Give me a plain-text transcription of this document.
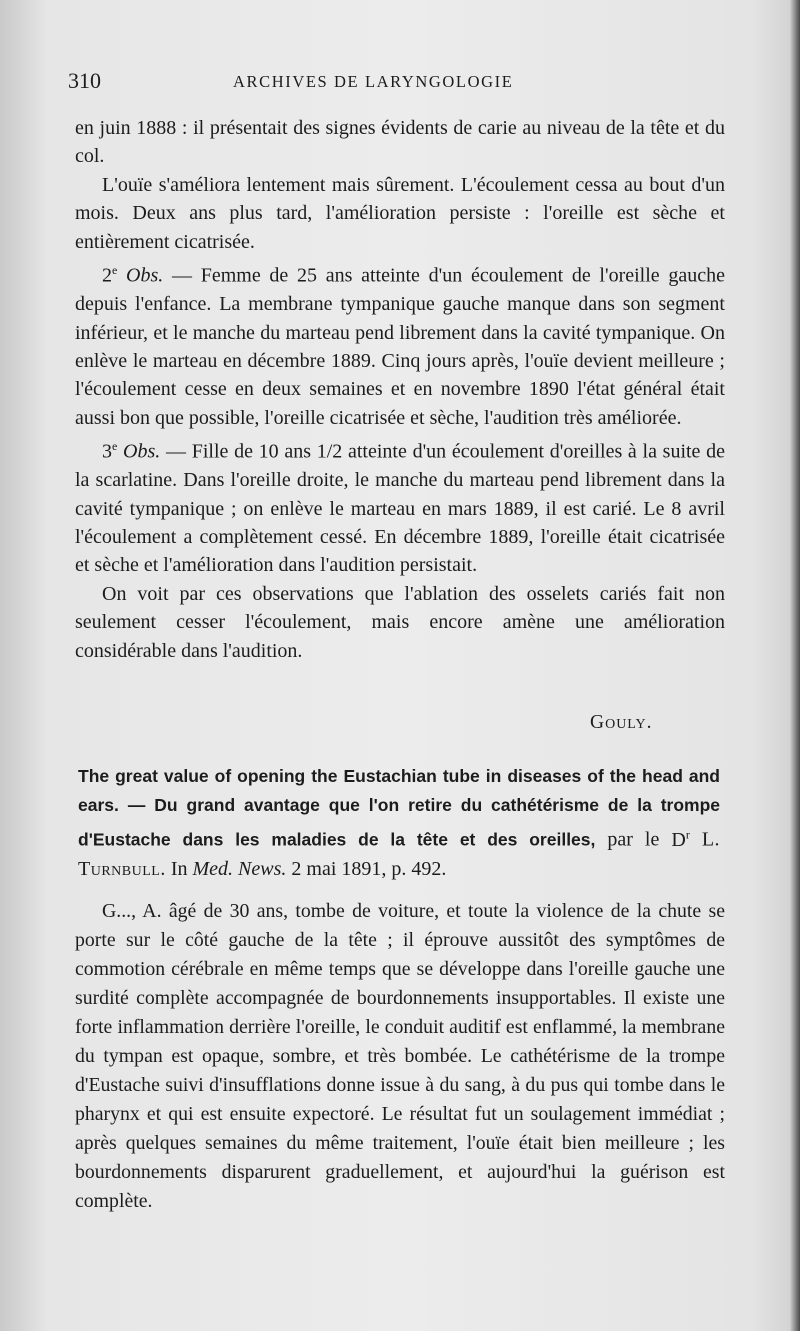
310	ARCHIVES DE LARYNGOLOGIE

en juin 1888 : il présentait des signes évidents de carie au niveau de la tête et du col.

L'ouïe s'améliora lentement mais sûrement. L'écoulement cessa au bout d'un mois. Deux ans plus tard, l'amélioration persiste : l'oreille est sèche et entièrement cicatrisée.

2e Obs. — Femme de 25 ans atteinte d'un écoulement de l'oreille gauche depuis l'enfance. La membrane tympanique gauche manque dans son segment inférieur, et le manche du marteau pend librement dans la cavité tympanique. On enlève le marteau en décembre 1889. Cinq jours après, l'ouïe devient meilleure ; l'écoulement cesse en deux semaines et en novembre 1890 l'état général était aussi bon que possible, l'oreille cicatrisée et sèche, l'audition très améliorée.

3e Obs. — Fille de 10 ans 1/2 atteinte d'un écoulement d'oreilles à la suite de la scarlatine. Dans l'oreille droite, le manche du marteau pend librement dans la cavité tympanique ; on enlève le marteau en mars 1889, il est carié. Le 8 avril l'écoulement a complètement cessé. En décembre 1889, l'oreille était cicatrisée et sèche et l'amélioration dans l'audition persistait.

On voit par ces observations que l'ablation des osselets cariés fait non seulement cesser l'écoulement, mais encore amène une amélioration considérable dans l'audition.

Gouly.
The great value of opening the Eustachian tube in diseases of the head and ears. — Du grand avantage que l'on retire du cathétérisme de la trompe d'Eustache dans les maladies de la tête et des oreilles, par le $D^r$ L. Turnbull. In Med. News. 2 mai 1891, p. 492.

G..., A. âgé de 30 ans, tombe de voiture, et toute la violence de la chute se porte sur le côté gauche de la tête ; il éprouve aussitôt des symptômes de commotion cérébrale en même temps que se développe dans l'oreille gauche une surdité complète accompagnée de bourdonnements insupportables. Il existe une forte inflammation derrière l'oreille, le conduit auditif est enflammé, la membrane du tympan est opaque, sombre, et très bombée. Le cathétérisme de la trompe d'Eustache suivi d'insufflations donne issue à du sang, à du pus qui tombe dans le pharynx et qui est ensuite expectoré. Le résultat fut un soulagement immédiat ; après quelques semaines du même traitement, l'ouïe était bien meilleure ; les bourdonnements disparurent graduellement, et aujourd'hui la guérison est complète.
